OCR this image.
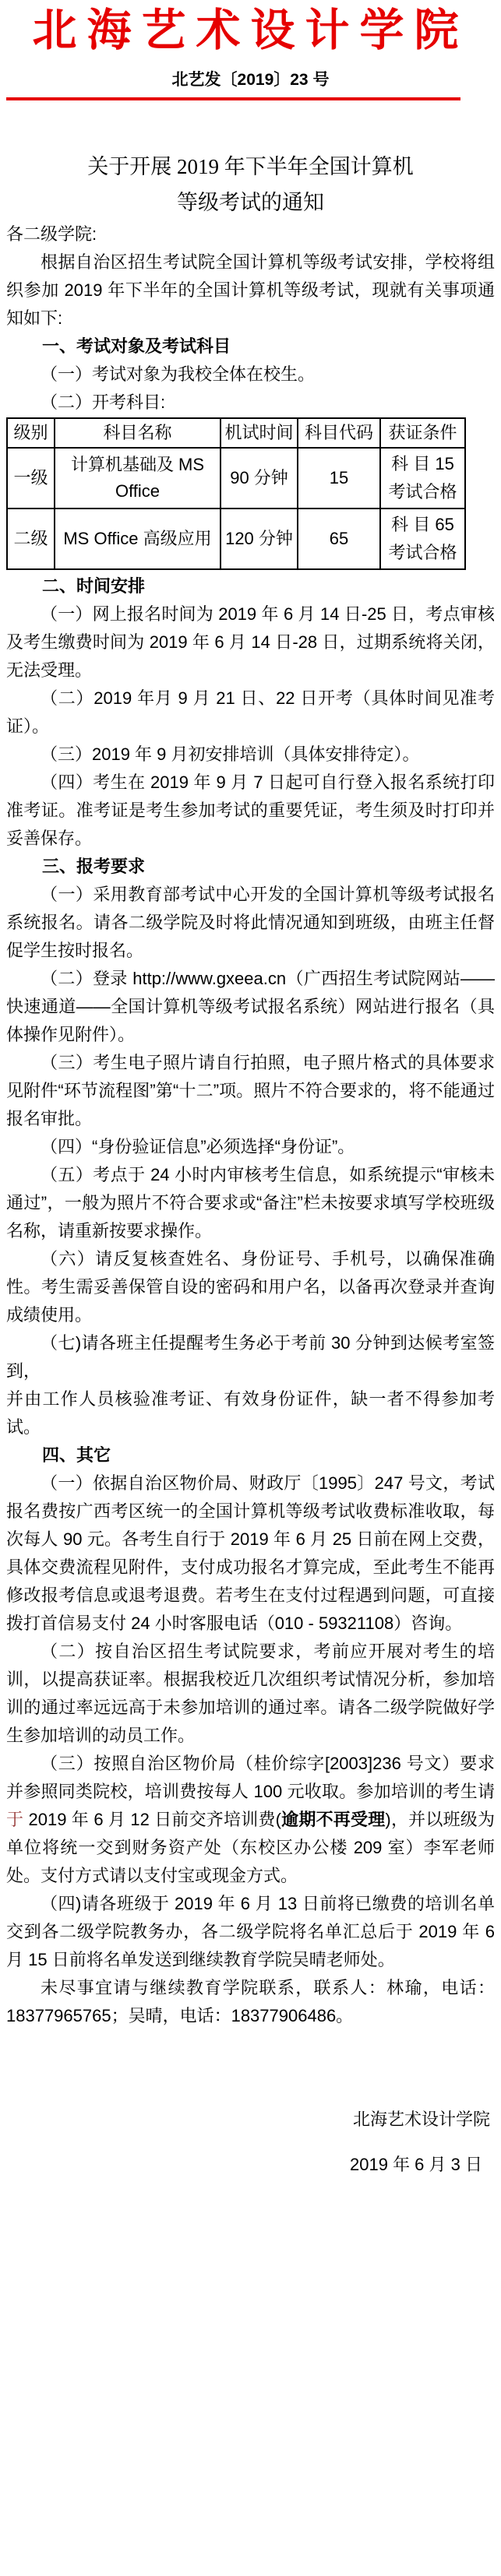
北海艺术设计学院
北艺发〔2019〕23 号
关于开展 2019 年下半年全国计算机
等级考试的通知

各二级学院:

根据自治区招生考试院全国计算机等级考试安排，学校将组织参加 2019 年下半年的全国计算机等级考试，现就有关事项通知如下:

一、考试对象及考试科目

（一）考试对象为我校全体在校生。

（二）开考科目:

级别	科目名称	机试时间	科目代码	获证条件
一级	计算机基础及 MS Office	90 分钟	15	科 目 15
考试合格

二级	MS Office 高级应用	120 分钟	65	科 目 65
考试合格

二、时间安排

（一）网上报名时间为 2019 年 6 月 14 日-25 日，考点审核及考生缴费时间为 2019 年 6 月 14 日-28 日，过期系统将关闭，无法受理。

（二）2019 年月 9 月 21 日、22 日开考（具体时间见准考证）。

（三）2019 年 9 月初安排培训（具体安排待定）。

（四）考生在 2019 年 9 月 7 日起可自行登入报名系统打印准考证。准考证是考生参加考试的重要凭证，考生须及时打印并妥善保存。

三、报考要求

（一）采用教育部考试中心开发的全国计算机等级考试报名系统报名。请各二级学院及时将此情况通知到班级，由班主任督促学生按时报名。

（二）登录 http://www.gxeea.cn（广西招生考试院网站——快速通道——全国计算机等级考试报名系统）网站进行报名（具体操作见附件）。

（三）考生电子照片请自行拍照，电子照片格式的具体要求见附件“环节流程图”第“十二”项。照片不符合要求的，将不能通过报名审批。

（四）“身份验证信息”必须选择“身份证”。

（五）考点于 24 小时内审核考生信息，如系统提示“审核未通过”，一般为照片不符合要求或“备注”栏未按要求填写学校班级名称，请重新按要求操作。

（六）请反复核查姓名、身份证号、手机号，以确保准确性。考生需妥善保管自设的密码和用户名，以备再次登录并查询成绩使用。

（七)请各班主任提醒考生务必于考前 30 分钟到达候考室签到，

并由工作人员核验准考证、有效身份证件，缺一者不得参加考试。

四、其它

（一）依据自治区物价局、财政厅〔1995〕247 号文，考试报名费按广西考区统一的全国计算机等级考试收费标准收取，每次每人 90 元。各考生自行于 2019 年 6 月 25 日前在网上交费，具体交费流程见附件，支付成功报名才算完成，至此考生不能再修改报考信息或退考退费。若考生在支付过程遇到问题，可直接拨打首信易支付 24 小时客服电话（010 - 59321108）咨询。

（二）按自治区招生考试院要求，考前应开展对考生的培训，以提高获证率。根据我校近几次组织考试情况分析，参加培训的通过率远远高于未参加培训的通过率。请各二级学院做好学生参加培训的动员工作。

（三）按照自治区物价局（桂价综字[2003]236 号文）要求并参照同类院校，培训费按每人 100 元收取。参加培训的考生请于 2019 年 6 月 12 日前交齐培训费(逾期不再受理)，并以班级为单位将统一交到财务资产处（东校区办公楼 209 室）李军老师处。支付方式请以支付宝或现金方式。

（四)请各班级于 2019 年 6 月 13 日前将已缴费的培训名单交到各二级学院教务办，各二级学院将名单汇总后于 2019 年 6 月 15 日前将名单发送到继续教育学院吴晴老师处。

未尽事宜请与继续教育学院联系，联系人：林瑜，电话：18377965765；吴晴，电话：18377906486。

北海艺术设计学院
2019 年 6 月 3 日
